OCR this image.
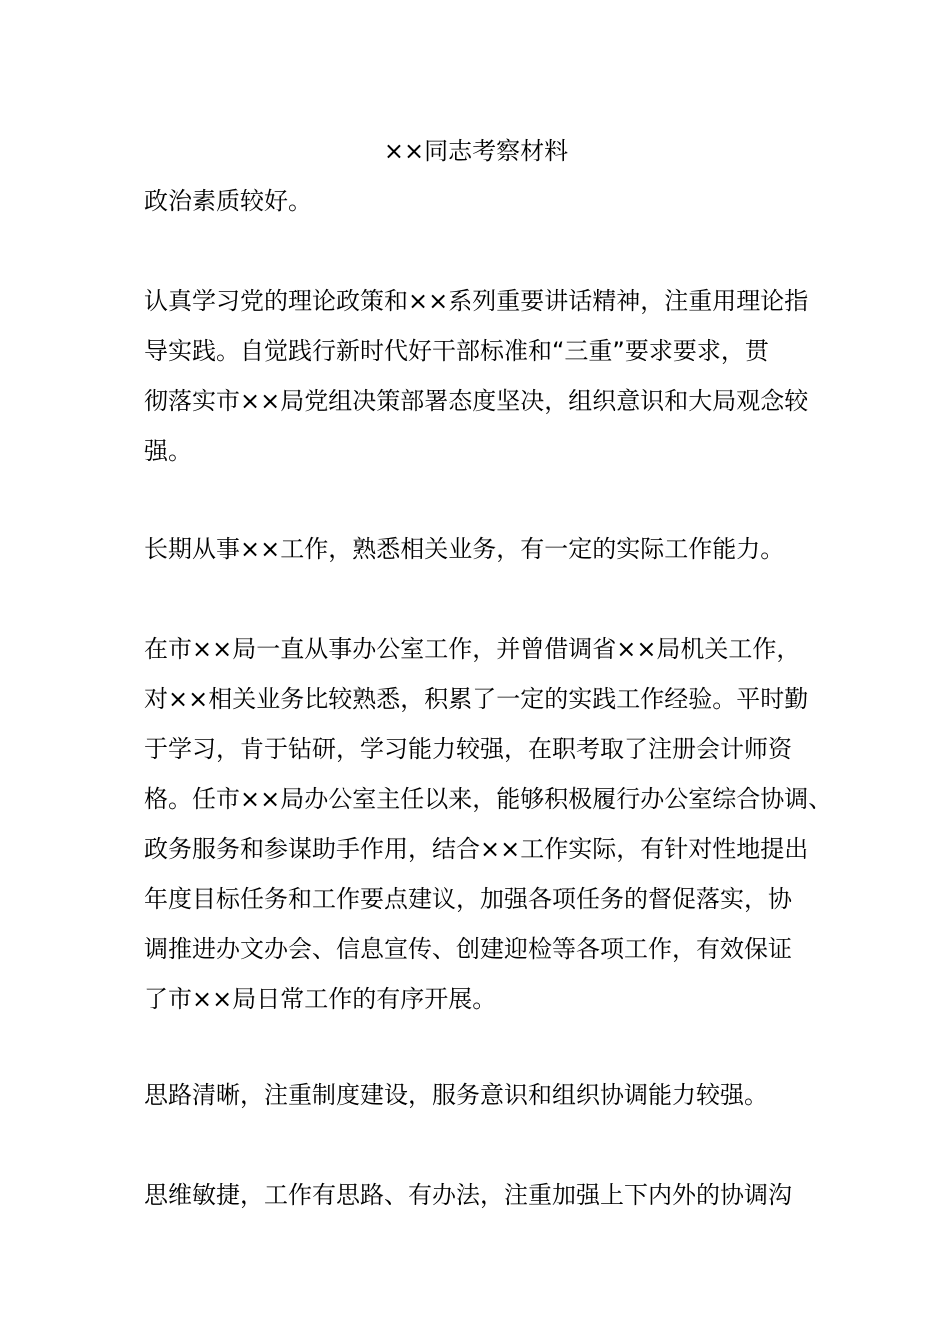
××同志考察材料
政治素质较好。
认真学习党的理论政策和××系列重要讲话精神，注重用理论指
导实践。自觉践行新时代好干部标准和“三重”要求要求，贯
彻落实市××局党组决策部署态度坚决，组织意识和大局观念较
强。
长期从事××工作，熟悉相关业务，有一定的实际工作能力。
在市××局一直从事办公室工作，并曾借调省××局机关工作，
对××相关业务比较熟悉，积累了一定的实践工作经验。平时勤
于学习，肯于钻研，学习能力较强，在职考取了注册会计师资
格。任市××局办公室主任以来，能够积极履行办公室综合协调、
政务服务和参谋助手作用，结合××工作实际，有针对性地提出
年度目标任务和工作要点建议，加强各项任务的督促落实，协
调推进办文办会、信息宣传、创建迎检等各项工作，有效保证
了市××局日常工作的有序开展。
思路清晰，注重制度建设，服务意识和组织协调能力较强。
思维敏捷，工作有思路、有办法，注重加强上下内外的协调沟
